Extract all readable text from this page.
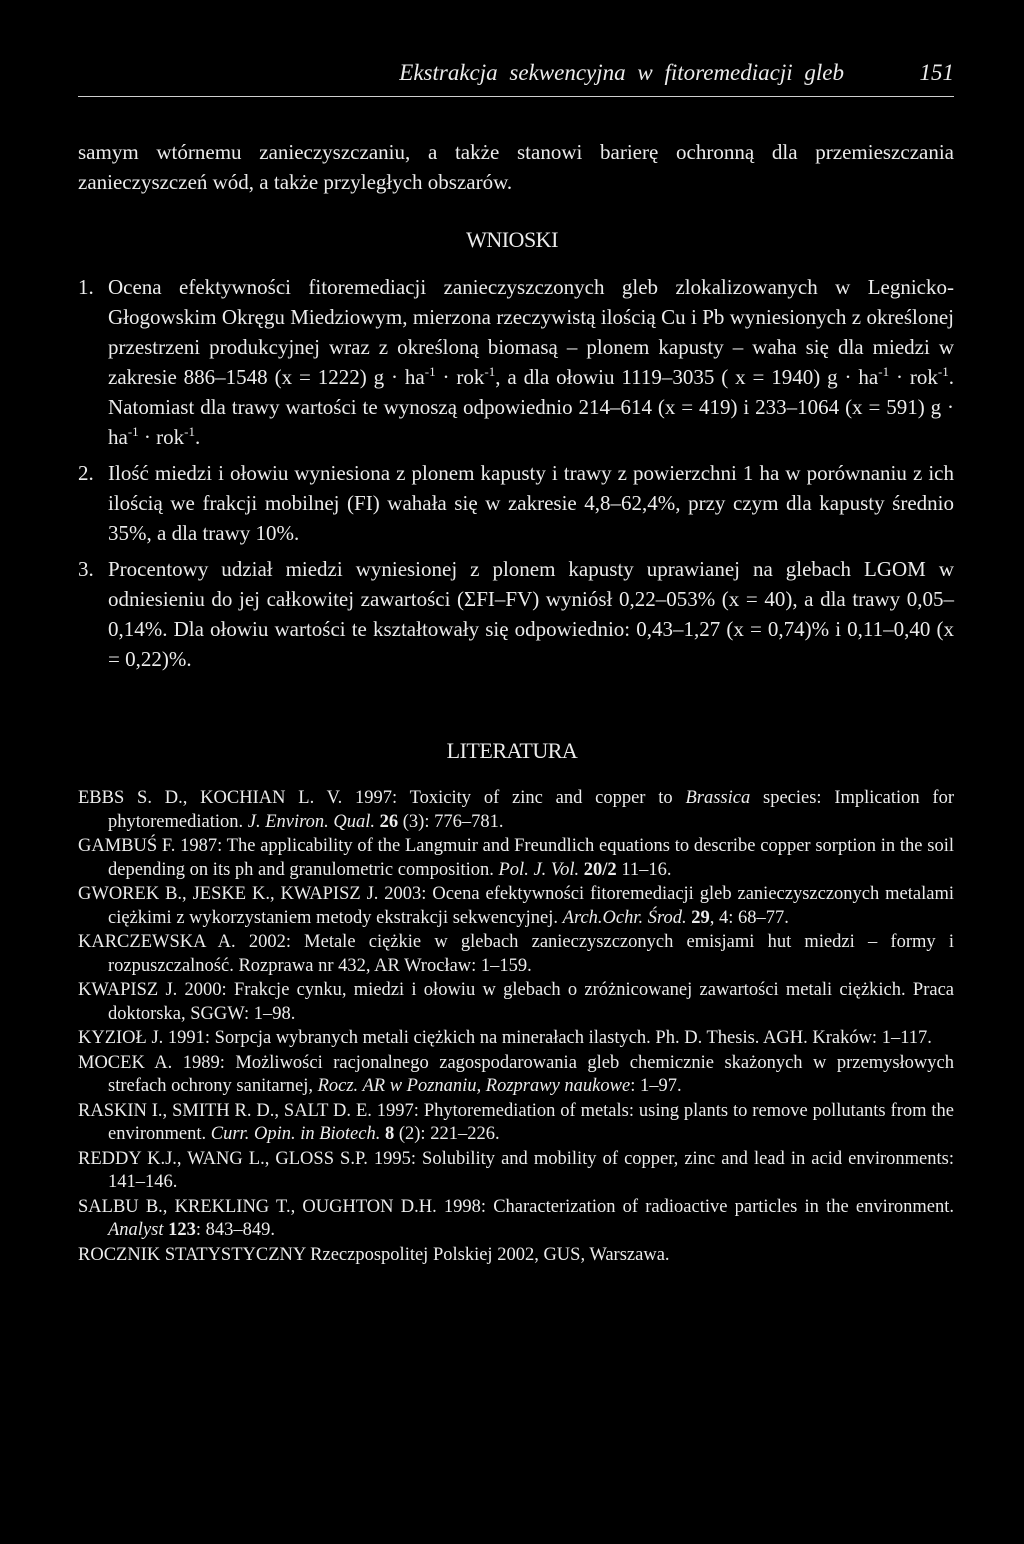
Ekstrakcja sekwencyjna w fitoremediacji gleb	151
samym wtórnemu zanieczyszczaniu, a także stanowi barierę ochronną dla przemieszczania zanieczyszczeń wód, a także przyległych obszarów.
WNIOSKI
1. Ocena efektywności fitoremediacji zanieczyszczonych gleb zlokalizowanych w Legnicko-Głogowskim Okręgu Miedziowym, mierzona rzeczywistą ilością Cu i Pb wyniesionych z określonej przestrzeni produkcyjnej wraz z określoną biomasą – plonem kapusty – waha się dla miedzi w zakresie 886–1548 (x = 1222) $g \cdot ha^{-1} \cdot rok^{-1}$, a dla ołowiu 1119–3035 ( x = 1940) $g \cdot ha^{-1} \cdot rok^{-1}$. Natomiast dla trawy wartości te wynoszą odpowiednio 214–614 (x = 419) i 233–1064 (x = 591) $g \cdot ha^{-1} \cdot rok^{-1}$.
2. Ilość miedzi i ołowiu wyniesiona z plonem kapusty i trawy z powierzchni 1 ha w porównaniu z ich ilością we frakcji mobilnej (FI) wahała się w zakresie 4,8–62,4%, przy czym dla kapusty średnio 35%, a dla trawy 10%.
3. Procentowy udział miedzi wyniesionej z plonem kapusty uprawianej na glebach LGOM w odniesieniu do jej całkowitej zawartości (ΣFI–FV) wyniósł 0,22–053% (x = 40), a dla trawy 0,05–0,14%. Dla ołowiu wartości te kształtowały się odpowiednio: 0,43–1,27 (x = 0,74)% i 0,11–0,40 (x = 0,22)%.
LITERATURA
EBBS S. D., KOCHIAN L. V. 1997: Toxicity of zinc and copper to Brassica species: Implication for phytoremediation. J. Environ. Qual. 26 (3): 776–781.
GAMBUŚ F. 1987: The applicability of the Langmuir and Freundlich equations to describe copper sorption in the soil depending on its ph and granulometric composition. Pol. J. Vol. 20/2 11–16.
GWOREK B., JESKE K., KWAPISZ J. 2003: Ocena efektywności fitoremediacji gleb zanieczyszczonych metalami ciężkimi z wykorzystaniem metody ekstrakcji sekwencyjnej. Arch.Ochr. Środ. 29, 4: 68–77.
KARCZEWSKA A. 2002: Metale ciężkie w glebach zanieczyszczonych emisjami hut miedzi – formy i rozpuszczalność. Rozprawa nr 432, AR Wrocław: 1–159.
KWAPISZ J. 2000: Frakcje cynku, miedzi i ołowiu w glebach o zróżnicowanej zawartości metali ciężkich. Praca doktorska, SGGW: 1–98.
KYZIOŁ J. 1991: Sorpcja wybranych metali ciężkich na minerałach ilastych. Ph. D. Thesis. AGH. Kraków: 1–117.
MOCEK A. 1989: Możliwości racjonalnego zagospodarowania gleb chemicznie skażonych w przemysłowych strefach ochrony sanitarnej, Rocz. AR w Poznaniu, Rozprawy naukowe: 1–97.
RASKIN I., SMITH R. D., SALT D. E. 1997: Phytoremediation of metals: using plants to remove pollutants from the environment. Curr. Opin. in Biotech. 8 (2): 221–226.
REDDY K.J., WANG L., GLOSS S.P. 1995: Solubility and mobility of copper, zinc and lead in acid environments: 141–146.
SALBU B., KREKLING T., OUGHTON D.H. 1998: Characterization of radioactive particles in the environment. Analyst 123: 843–849.
ROCZNIK STATYSTYCZNY Rzeczpospolitej Polskiej 2002, GUS, Warszawa.
